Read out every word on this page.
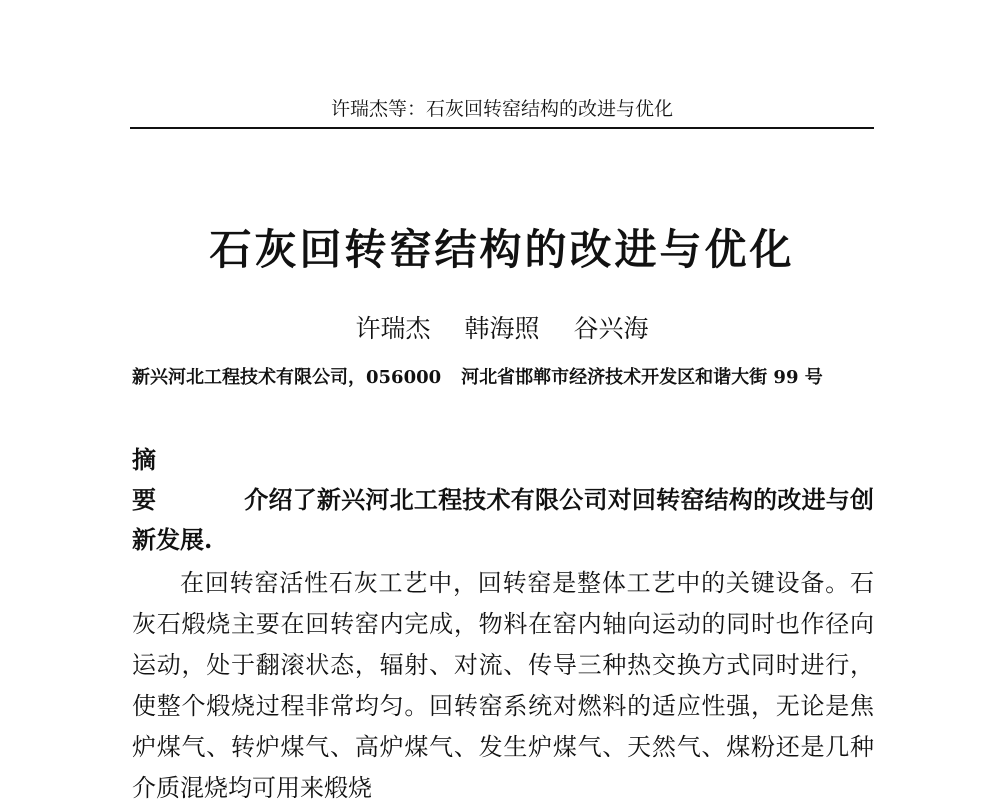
许瑞杰等：石灰回转窑结构的改进与优化
石灰回转窑结构的改进与优化
许瑞杰 韩海照 谷兴海
新兴河北工程技术有限公司，056000 河北省邯郸市经济技术开发区和谐大街 99 号
摘 要	介绍了新兴河北工程技术有限公司对回转窑结构的改进与创新发展.

在回转窑活性石灰工艺中，回转窑是整体工艺中的关键设备。石灰石煅烧主要在回转窑内完成，物料在窑内轴向运动的同时也作径向运动，处于翻滚状态，辐射、对流、传导三种热交换方式同时进行，使整个煅烧过程非常均匀。回转窑系统对燃料的适应性强，无论是焦炉煤气、转炉煤气、高炉煤气、发生炉煤气、天然气、煤粉还是几种介质混烧均可用来煅烧
